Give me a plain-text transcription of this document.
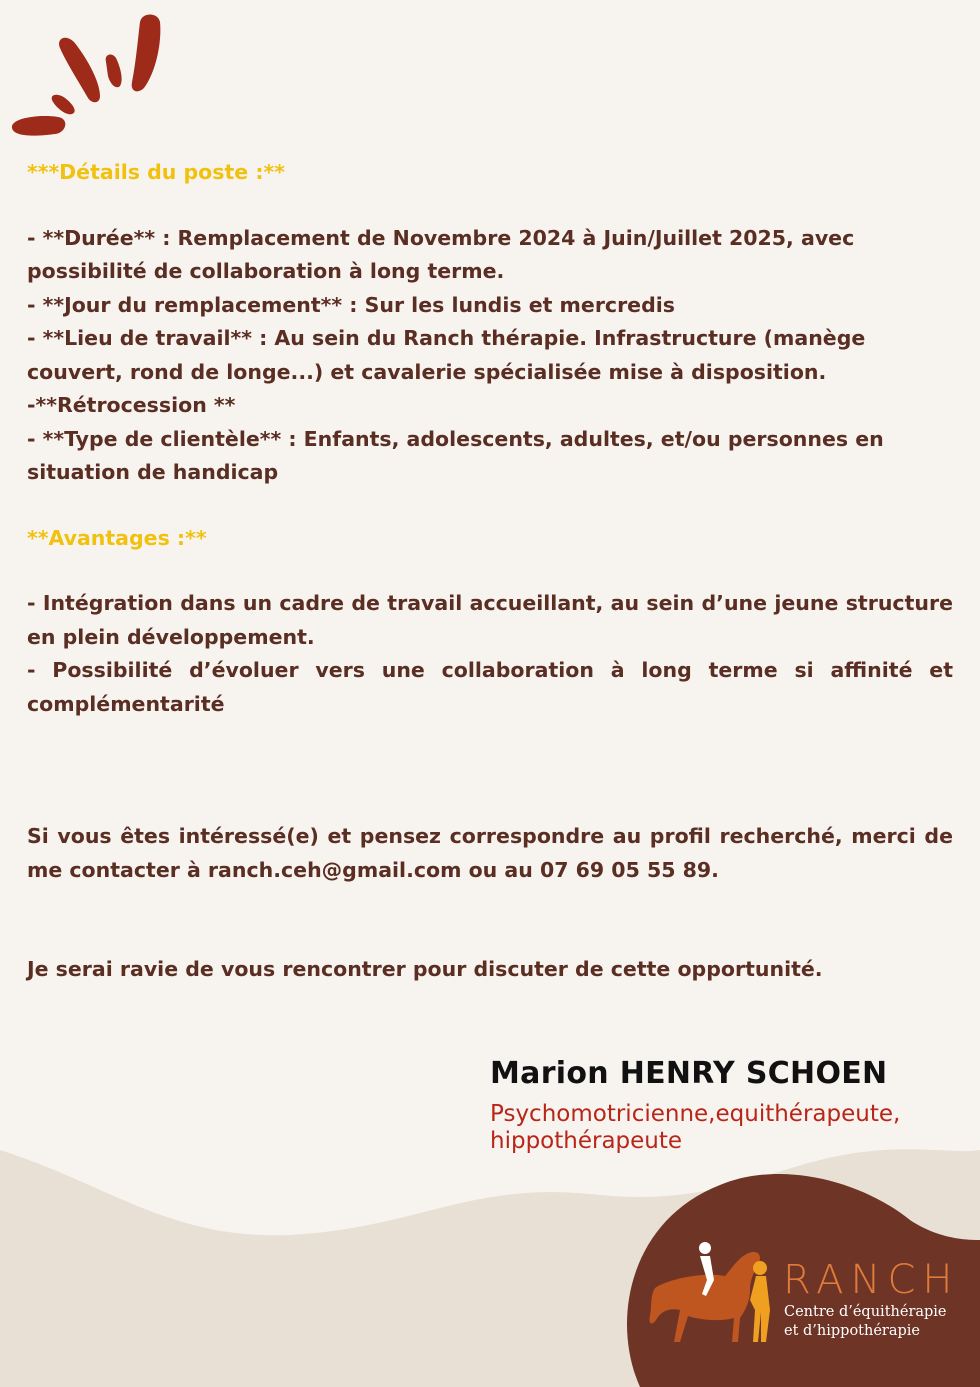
***Détails du poste :**

- **Durée** : Remplacement de Novembre 2024 à Juin/Juillet 2025, avec possibilité de collaboration à long terme.

- **Jour du remplacement** : Sur les lundis et mercredis

- **Lieu de travail** : Au sein du Ranch thérapie. Infrastructure (manège couvert, rond de longe...) et cavalerie spécialisée mise à disposition.

-**Rétrocession **

- **Type de clientèle** : Enfants, adolescents, adultes, et/ou personnes en situation de handicap

**Avantages :**

- Intégration dans un cadre de travail accueillant, au sein d’une jeune structure en plein développement.

- Possibilité d’évoluer vers une collaboration à long terme si affinité et complémentarité

Si vous êtes intéressé(e) et pensez correspondre au profil recherché, merci de me contacter à ranch.ceh@gmail.com ou au 07 69 05 55 89.

Je serai ravie de vous rencontrer pour discuter de cette opportunité.

Marion HENRY SCHOEN

Psychomotricienne,equithérapeute,
hippothérapeute

RANCH
Centre d’équithérapie
et d’hippothérapie
